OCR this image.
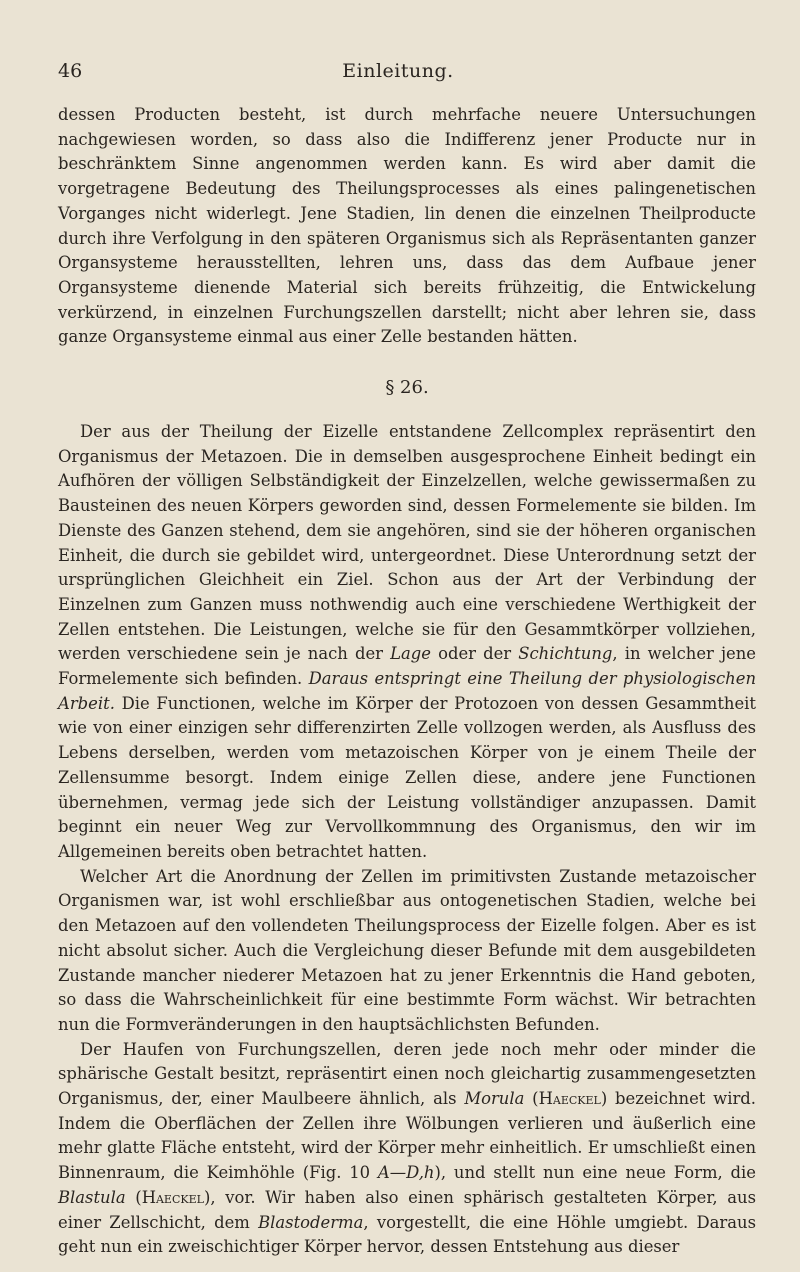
46	Einleitung.

dessen Producten besteht, ist durch mehrfache neuere Untersuchungen nachgewiesen worden, so dass also die Indifferenz jener Producte nur in beschränktem Sinne angenommen werden kann. Es wird aber damit die vorgetragene Bedeutung des Theilungsprocesses als eines palingenetischen Vorganges nicht widerlegt. Jene Stadien, lin denen die einzelnen Theilproducte durch ihre Verfolgung in den späteren Organismus sich als Repräsentanten ganzer Organsysteme herausstellten, lehren uns, dass das dem Aufbaue jener Organsysteme dienende Material sich bereits frühzeitig, die Entwickelung verkürzend, in einzelnen Furchungszellen darstellt; nicht aber lehren sie, dass ganze Organsysteme einmal aus einer Zelle bestanden hätten.

§ 26.

Der aus der Theilung der Eizelle entstandene Zellcomplex repräsentirt den Organismus der Metazoen. Die in demselben ausgesprochene Einheit bedingt ein Aufhören der völligen Selbständigkeit der Einzelzellen, welche gewissermaßen zu Bausteinen des neuen Körpers geworden sind, dessen Formelemente sie bilden. Im Dienste des Ganzen stehend, dem sie angehören, sind sie der höheren organischen Einheit, die durch sie gebildet wird, untergeordnet. Diese Unterordnung setzt der ursprünglichen Gleichheit ein Ziel. Schon aus der Art der Verbindung der Einzelnen zum Ganzen muss nothwendig auch eine verschiedene Werthigkeit der Zellen entstehen. Die Leistungen, welche sie für den Gesammtkörper vollziehen, werden verschiedene sein je nach der Lage oder der Schichtung, in welcher jene Formelemente sich befinden. Daraus entspringt eine Theilung der physiologischen Arbeit. Die Functionen, welche im Körper der Protozoen von dessen Gesammtheit wie von einer einzigen sehr differenzirten Zelle vollzogen werden, als Ausfluss des Lebens derselben, werden vom metazoischen Körper von je einem Theile der Zellensumme besorgt. Indem einige Zellen diese, andere jene Functionen übernehmen, vermag jede sich der Leistung vollständiger anzupassen. Damit beginnt ein neuer Weg zur Vervollkommnung des Organismus, den wir im Allgemeinen bereits oben betrachtet hatten.

Welcher Art die Anordnung der Zellen im primitivsten Zustande metazoischer Organismen war, ist wohl erschließbar aus ontogenetischen Stadien, welche bei den Metazoen auf den vollendeten Theilungsprocess der Eizelle folgen. Aber es ist nicht absolut sicher. Auch die Vergleichung dieser Befunde mit dem ausgebildeten Zustande mancher niederer Metazoen hat zu jener Erkenntnis die Hand geboten, so dass die Wahrscheinlichkeit für eine bestimmte Form wächst. Wir betrachten nun die Formveränderungen in den hauptsächlichsten Befunden.

Der Haufen von Furchungszellen, deren jede noch mehr oder minder die sphärische Gestalt besitzt, repräsentirt einen noch gleichartig zusammengesetzten Organismus, der, einer Maulbeere ähnlich, als Morula (Haeckel) bezeichnet wird. Indem die Oberflächen der Zellen ihre Wölbungen verlieren und äußerlich eine mehr glatte Fläche entsteht, wird der Körper mehr einheitlich. Er umschließt einen Binnenraum, die Keimhöhle (Fig. 10 A—D,h), und stellt nun eine neue Form, die Blastula (Haeckel), vor. Wir haben also einen sphärisch gestalteten Körper, aus einer Zellschicht, dem Blastoderma, vorgestellt, die eine Höhle umgiebt. Daraus geht nun ein zweischichtiger Körper hervor, dessen Entstehung aus dieser
